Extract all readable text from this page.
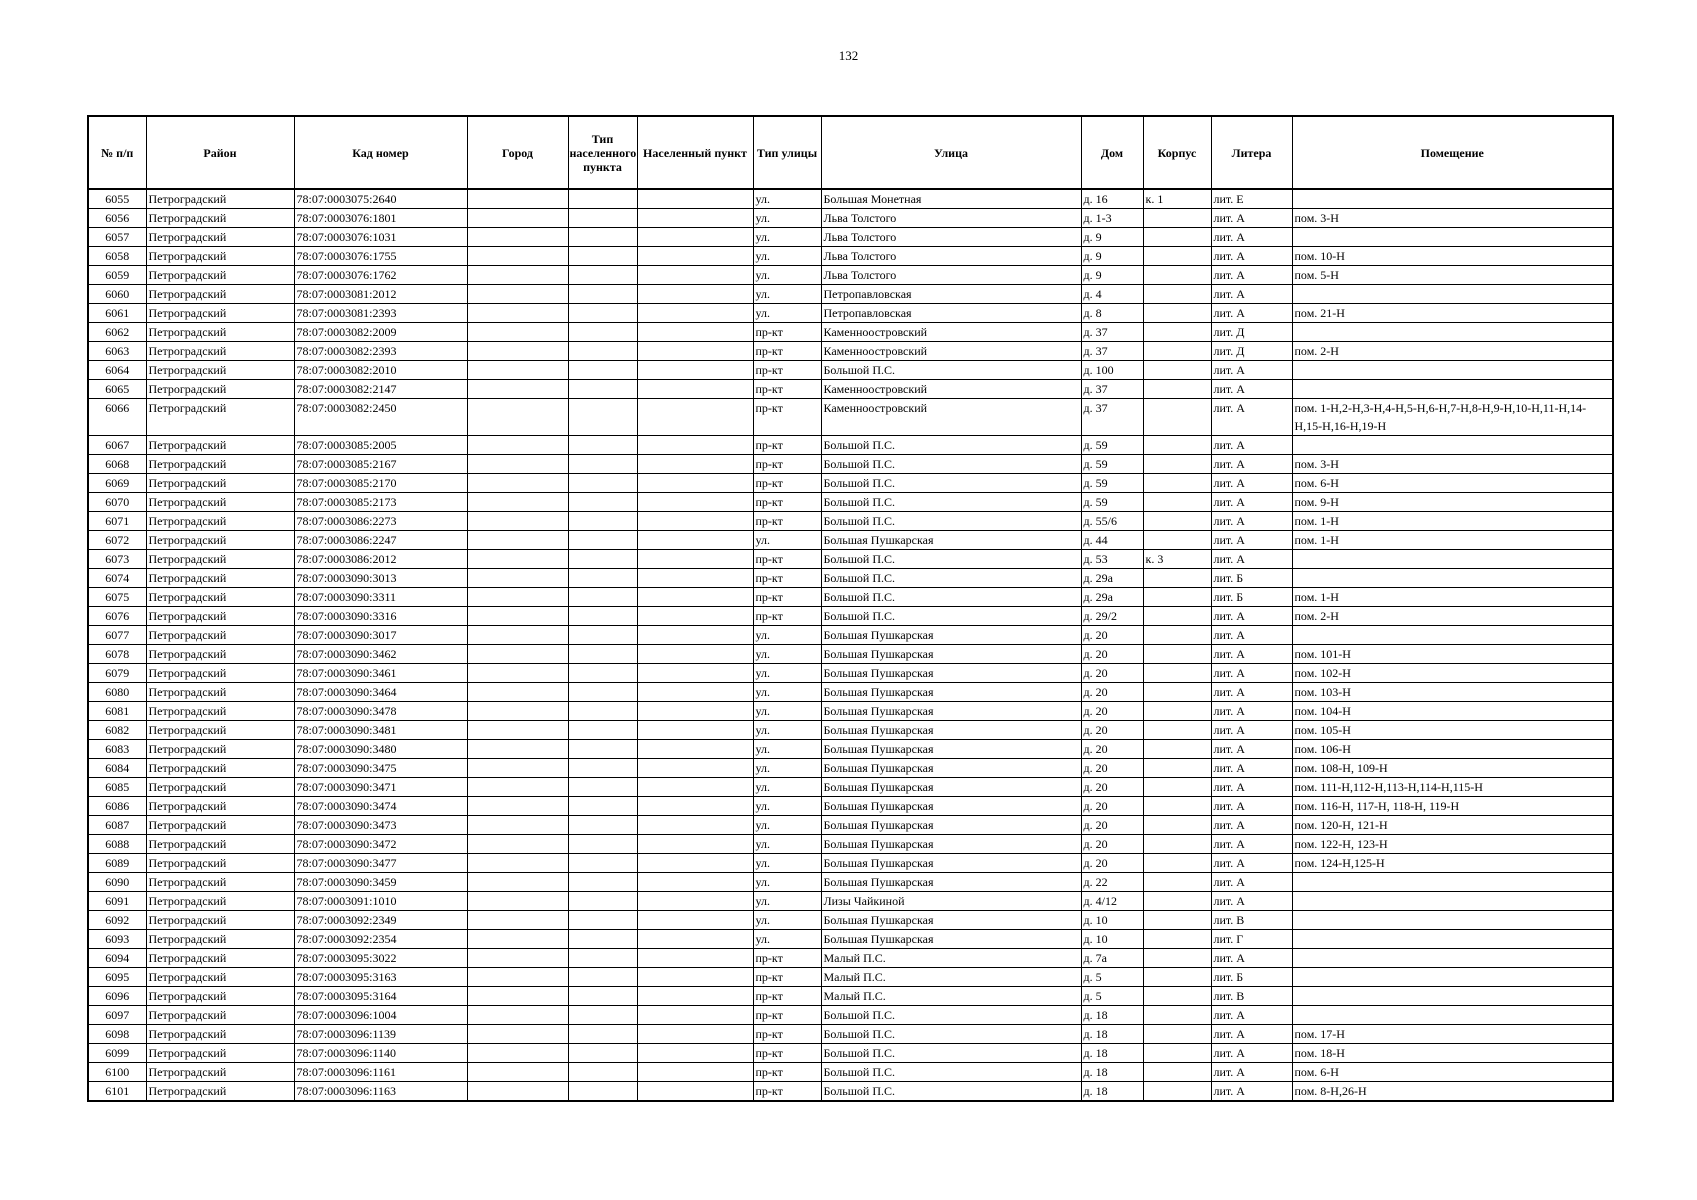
132
№ п/п	Район	Кад номер	Город	Тип населенного пункта	Населенный пункт	Тип улицы	Улица	Дом	Корпус	Литера	Помещение
6055	Петроградский	78:07:0003075:2640				ул.	Большая Монетная	д. 16	к. 1	лит. Е	
6056	Петроградский	78:07:0003076:1801				ул.	Льва Толстого	д. 1-3		лит. А	пом. 3-Н
6057	Петроградский	78:07:0003076:1031				ул.	Льва Толстого	д. 9		лит. А	
6058	Петроградский	78:07:0003076:1755				ул.	Льва Толстого	д. 9		лит. А	пом. 10-Н
6059	Петроградский	78:07:0003076:1762				ул.	Льва Толстого	д. 9		лит. А	пом. 5-Н
6060	Петроградский	78:07:0003081:2012				ул.	Петропавловская	д. 4		лит. А	
6061	Петроградский	78:07:0003081:2393				ул.	Петропавловская	д. 8		лит. А	пом. 21-Н
6062	Петроградский	78:07:0003082:2009				пр-кт	Каменноостровский	д. 37		лит. Д	
6063	Петроградский	78:07:0003082:2393				пр-кт	Каменноостровский	д. 37		лит. Д	пом. 2-Н
6064	Петроградский	78:07:0003082:2010				пр-кт	Большой П.С.	д. 100		лит. А	
6065	Петроградский	78:07:0003082:2147				пр-кт	Каменноостровский	д. 37		лит. А	
6066	Петроградский	78:07:0003082:2450				пр-кт	Каменноостровский	д. 37		лит. А	пом. 1-Н,2-Н,3-Н,4-Н,5-Н,6-Н,7-Н,8-Н,9-Н,10-Н,11-Н,14-Н,15-Н,16-Н,19-Н
6067	Петроградский	78:07:0003085:2005				пр-кт	Большой П.С.	д. 59		лит. А	
6068	Петроградский	78:07:0003085:2167				пр-кт	Большой П.С.	д. 59		лит. А	пом. 3-Н
6069	Петроградский	78:07:0003085:2170				пр-кт	Большой П.С.	д. 59		лит. А	пом. 6-Н
6070	Петроградский	78:07:0003085:2173				пр-кт	Большой П.С.	д. 59		лит. А	пом. 9-Н
6071	Петроградский	78:07:0003086:2273				пр-кт	Большой П.С.	д. 55/6		лит. А	пом. 1-Н
6072	Петроградский	78:07:0003086:2247				ул.	Большая Пушкарская	д. 44		лит. А	пом. 1-Н
6073	Петроградский	78:07:0003086:2012				пр-кт	Большой П.С.	д. 53	к. 3	лит. А	
6074	Петроградский	78:07:0003090:3013				пр-кт	Большой П.С.	д. 29а		лит. Б	
6075	Петроградский	78:07:0003090:3311				пр-кт	Большой П.С.	д. 29а		лит. Б	пом. 1-Н
6076	Петроградский	78:07:0003090:3316				пр-кт	Большой П.С.	д. 29/2		лит. А	пом. 2-Н
6077	Петроградский	78:07:0003090:3017				ул.	Большая Пушкарская	д. 20		лит. А	
6078	Петроградский	78:07:0003090:3462				ул.	Большая Пушкарская	д. 20		лит. А	пом. 101-Н
6079	Петроградский	78:07:0003090:3461				ул.	Большая Пушкарская	д. 20		лит. А	пом. 102-Н
6080	Петроградский	78:07:0003090:3464				ул.	Большая Пушкарская	д. 20		лит. А	пом. 103-Н
6081	Петроградский	78:07:0003090:3478				ул.	Большая Пушкарская	д. 20		лит. А	пом. 104-Н
6082	Петроградский	78:07:0003090:3481				ул.	Большая Пушкарская	д. 20		лит. А	пом. 105-Н
6083	Петроградский	78:07:0003090:3480				ул.	Большая Пушкарская	д. 20		лит. А	пом. 106-Н
6084	Петроградский	78:07:0003090:3475				ул.	Большая Пушкарская	д. 20		лит. А	пом. 108-Н, 109-Н
6085	Петроградский	78:07:0003090:3471				ул.	Большая Пушкарская	д. 20		лит. А	пом. 111-Н,112-Н,113-Н,114-Н,115-Н
6086	Петроградский	78:07:0003090:3474				ул.	Большая Пушкарская	д. 20		лит. А	пом. 116-Н, 117-Н, 118-Н, 119-Н
6087	Петроградский	78:07:0003090:3473				ул.	Большая Пушкарская	д. 20		лит. А	пом. 120-Н, 121-Н
6088	Петроградский	78:07:0003090:3472				ул.	Большая Пушкарская	д. 20		лит. А	пом. 122-Н, 123-Н
6089	Петроградский	78:07:0003090:3477				ул.	Большая Пушкарская	д. 20		лит. А	пом. 124-Н,125-Н
6090	Петроградский	78:07:0003090:3459				ул.	Большая Пушкарская	д. 22		лит. А	
6091	Петроградский	78:07:0003091:1010				ул.	Лизы Чайкиной	д. 4/12		лит. А	
6092	Петроградский	78:07:0003092:2349				ул.	Большая Пушкарская	д. 10		лит. В	
6093	Петроградский	78:07:0003092:2354				ул.	Большая Пушкарская	д. 10		лит. Г	
6094	Петроградский	78:07:0003095:3022				пр-кт	Малый П.С.	д. 7а		лит. А	
6095	Петроградский	78:07:0003095:3163				пр-кт	Малый П.С.	д. 5		лит. Б	
6096	Петроградский	78:07:0003095:3164				пр-кт	Малый П.С.	д. 5		лит. В	
6097	Петроградский	78:07:0003096:1004				пр-кт	Большой П.С.	д. 18		лит. А	
6098	Петроградский	78:07:0003096:1139				пр-кт	Большой П.С.	д. 18		лит. А	пом. 17-Н
6099	Петроградский	78:07:0003096:1140				пр-кт	Большой П.С.	д. 18		лит. А	пом. 18-Н
6100	Петроградский	78:07:0003096:1161				пр-кт	Большой П.С.	д. 18		лит. А	пом. 6-Н
6101	Петроградский	78:07:0003096:1163				пр-кт	Большой П.С.	д. 18		лит. А	пом. 8-Н,26-Н
